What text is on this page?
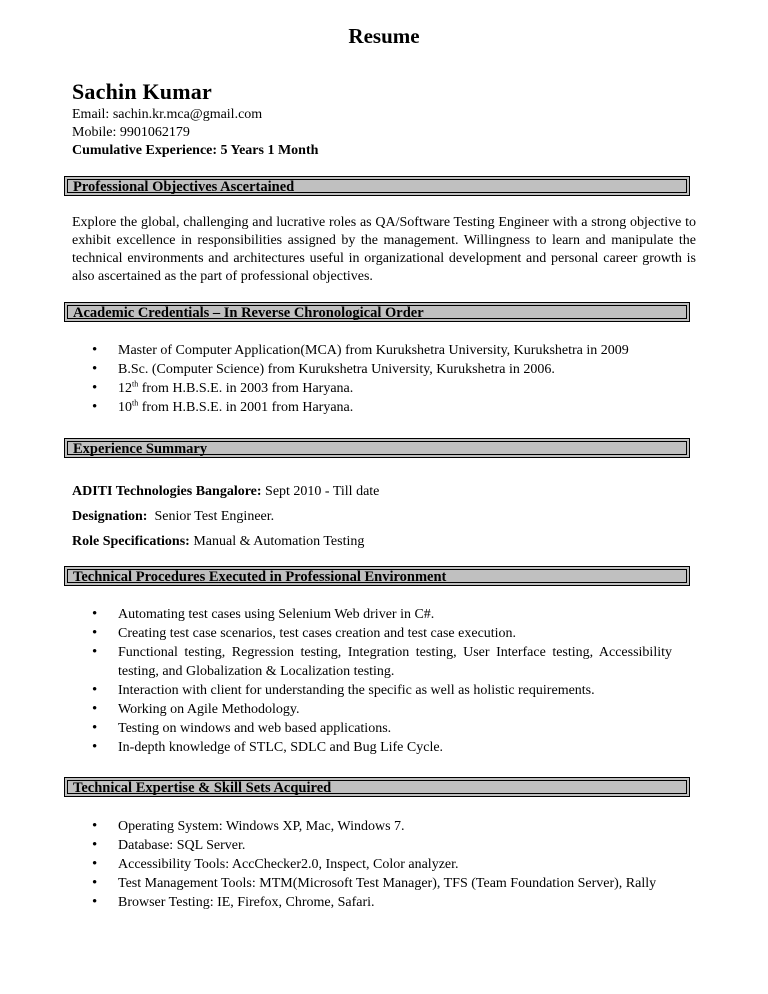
Resume
Sachin Kumar
Email: sachin.kr.mca@gmail.com
Mobile: 9901062179
Cumulative Experience: 5 Years 1 Month
Professional Objectives Ascertained

Explore the global, challenging and lucrative roles as QA/Software Testing Engineer with a strong objective to exhibit excellence in responsibilities assigned by the management. Willingness to learn and manipulate the technical environments and architectures useful in organizational development and personal career growth is also ascertained as the part of professional objectives.

Academic Credentials – In Reverse Chronological Order
• Master of Computer Application(MCA) from Kurukshetra University, Kurukshetra in 2009
• B.Sc. (Computer Science) from Kurukshetra University, Kurukshetra in 2006.
• 12th from H.B.S.E. in 2003 from Haryana.
• 10th from H.B.S.E. in 2001 from Haryana.
Experience Summary
ADITI Technologies Bangalore: Sept 2010 - Till date
Designation:  Senior Test Engineer.
Role Specifications: Manual & Automation Testing
Technical Procedures Executed in Professional Environment
• Automating test cases using Selenium Web driver in C#.
• Creating test case scenarios, test cases creation and test case execution.
• Functional testing, Regression testing, Integration testing, User Interface testing, Accessibility testing, and Globalization & Localization testing.
• Interaction with client for understanding the specific as well as holistic requirements.
• Working on Agile Methodology.
• Testing on windows and web based applications.
• In-depth knowledge of STLC, SDLC and Bug Life Cycle.
Technical Expertise & Skill Sets Acquired
• Operating System: Windows XP, Mac, Windows 7.
• Database: SQL Server.
• Accessibility Tools: AccChecker2.0, Inspect, Color analyzer.
• Test Management Tools: MTM(Microsoft Test Manager), TFS (Team Foundation Server), Rally
• Browser Testing: IE, Firefox, Chrome, Safari.
